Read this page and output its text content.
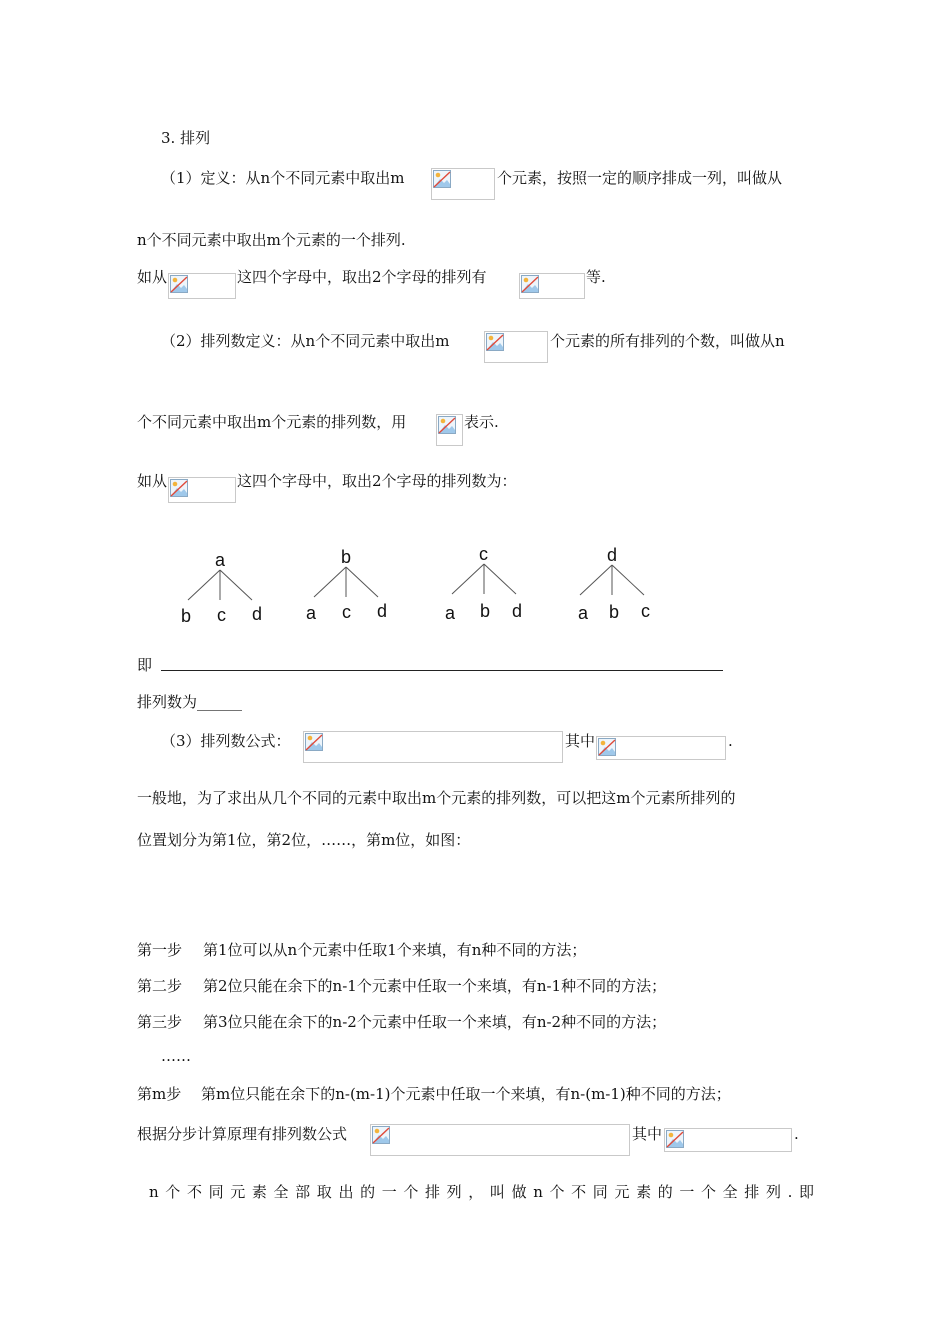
3. 排列
（1）定义：从n个不同元素中取出m	个元素，按照一定的顺序排成一列，叫做从
n个不同元素中取出m个元素的一个排列.
如从	这四个字母中，取出2个字母的排列有	等.
（2）排列数定义：从n个不同元素中取出m	个元素的所有排列的个数，叫做从n
个不同元素中取出m个元素的排列数，用	表示.
如从	这四个字母中，取出2个字母的排列数为：
a
b c d
b
a c d
c
a b d
d
a b c
即
排列数为______
（3）排列数公式：	其中	.
一般地，为了求出从几个不同的元素中取出m个元素的排列数，可以把这m个元素所排列的
位置划分为第1位，第2位，……，第m位，如图：
第一步 第1位可以从n个元素中任取1个来填，有n种不同的方法；
第二步 第2位只能在余下的n-1个元素中任取一个来填，有n-1种不同的方法；
第三步 第3位只能在余下的n-2个元素中任取一个来填，有n-2种不同的方法；
……
第m步 第m位只能在余下的n-(m-1)个元素中任取一个来填，有n-(m-1)种不同的方法；
根据分步计算原理有排列数公式	其中	.
n个不同元素全部取出的一个排列，叫做n个不同元素的一个全排列.即
